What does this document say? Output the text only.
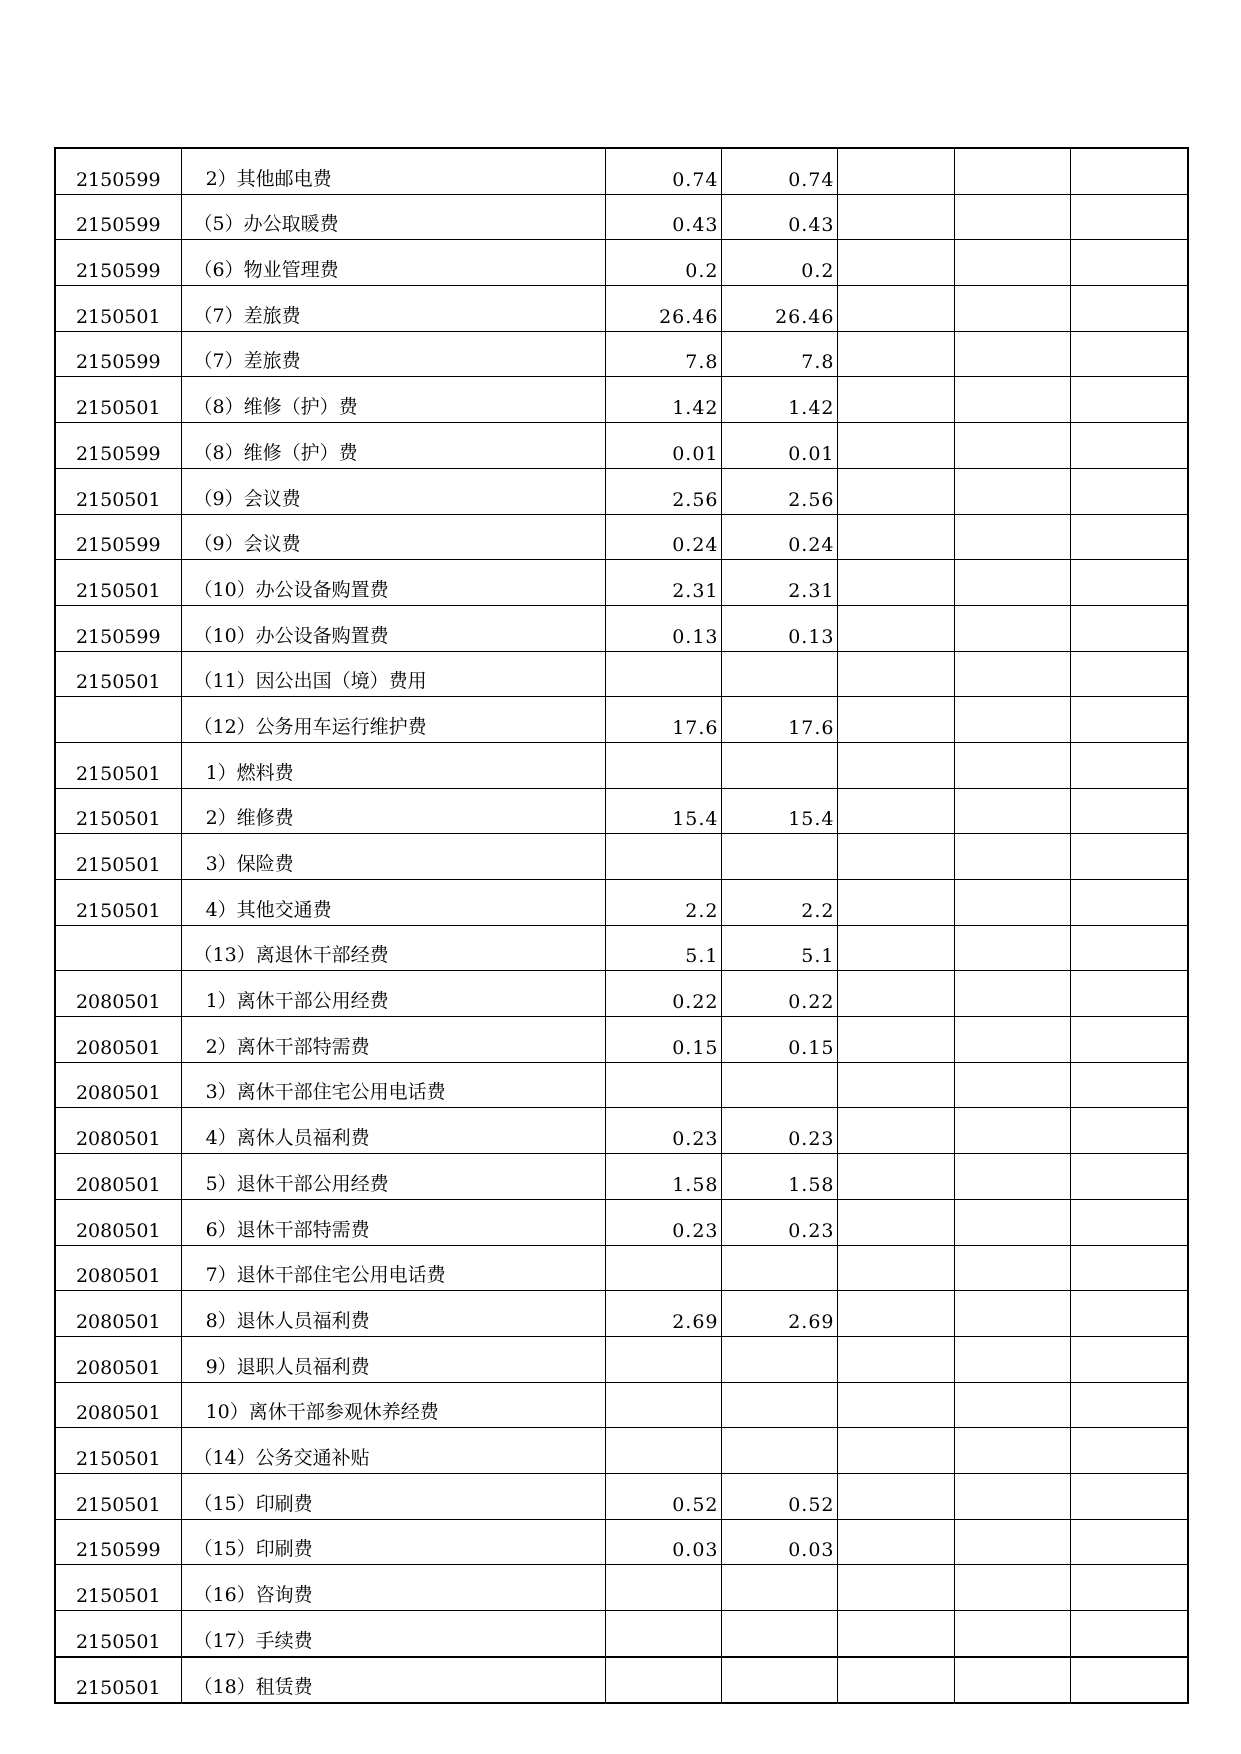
2150599	2）其他邮电费	0.74	0.74			
2150599	（5）办公取暖费	0.43	0.43			
2150599	（6）物业管理费	0.2	0.2			
2150501	（7）差旅费	26.46	26.46			
2150599	（7）差旅费	7.8	7.8			
2150501	（8）维修（护）费	1.42	1.42			
2150599	（8）维修（护）费	0.01	0.01			
2150501	（9）会议费	2.56	2.56			
2150599	（9）会议费	0.24	0.24			
2150501	（10）办公设备购置费	2.31	2.31			
2150599	（10）办公设备购置费	0.13	0.13			
2150501	（11）因公出国（境）费用					
	（12）公务用车运行维护费	17.6	17.6			
2150501	1）燃料费					
2150501	2）维修费	15.4	15.4			
2150501	3）保险费					
2150501	4）其他交通费	2.2	2.2			
	（13）离退休干部经费	5.1	5.1			
2080501	1）离休干部公用经费	0.22	0.22			
2080501	2）离休干部特需费	0.15	0.15			
2080501	3）离休干部住宅公用电话费					
2080501	4）离休人员福利费	0.23	0.23			
2080501	5）退休干部公用经费	1.58	1.58			
2080501	6）退休干部特需费	0.23	0.23			
2080501	7）退休干部住宅公用电话费					
2080501	8）退休人员福利费	2.69	2.69			
2080501	9）退职人员福利费					
2080501	10）离休干部参观休养经费					
2150501	（14）公务交通补贴					
2150501	（15）印刷费	0.52	0.52			
2150599	（15）印刷费	0.03	0.03			
2150501	（16）咨询费					
2150501	（17）手续费					
2150501	（18）租赁费					
